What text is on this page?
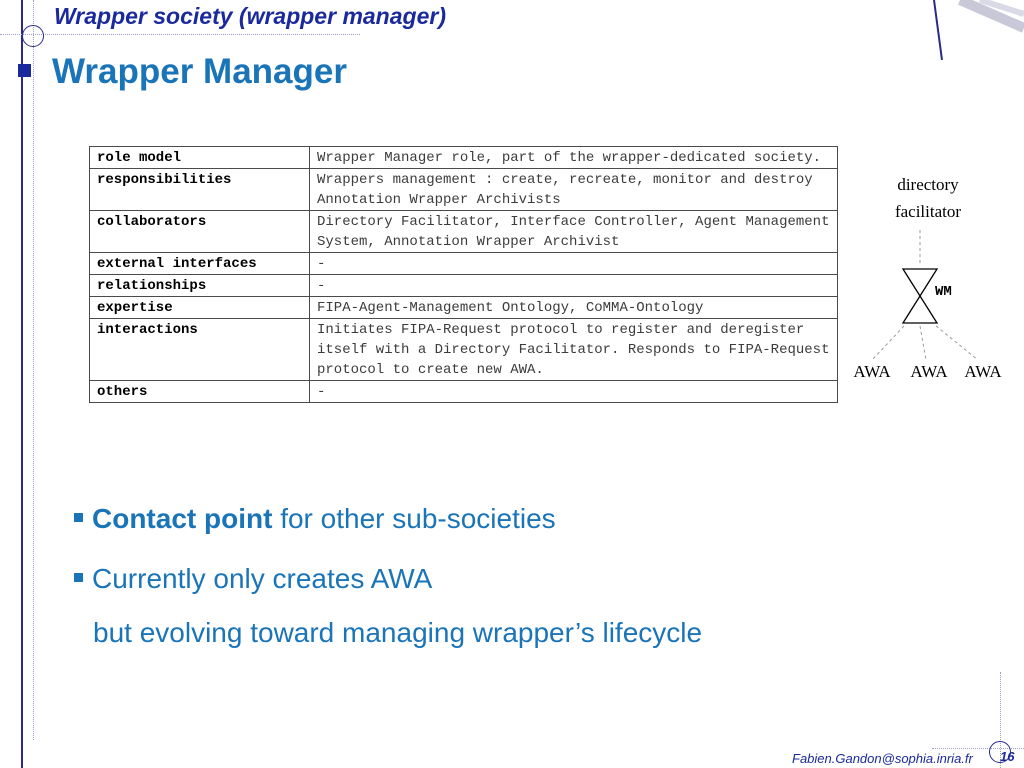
Wrapper society (wrapper manager)
Wrapper Manager
role model	Wrapper Manager role, part of the wrapper-dedicated society.
responsibilities	Wrappers management : create, recreate, monitor and destroy Annotation Wrapper Archivists
collaborators	Directory Facilitator, Interface Controller, Agent Management System, Annotation Wrapper Archivist
external interfaces	-
relationships	-
expertise	FIPA-Agent-Management Ontology, CoMMA-Ontology
interactions	Initiates FIPA-Request protocol to register and deregister itself with a Directory Facilitator. Responds to FIPA-Request protocol to create new AWA.
others	-
directory
facilitator
WM
AWA AWA AWA
Contact point for other sub-societies
Currently only creates AWA
but evolving toward managing wrapper’s lifecycle
Fabien.Gandon@sophia.inria.fr 16
